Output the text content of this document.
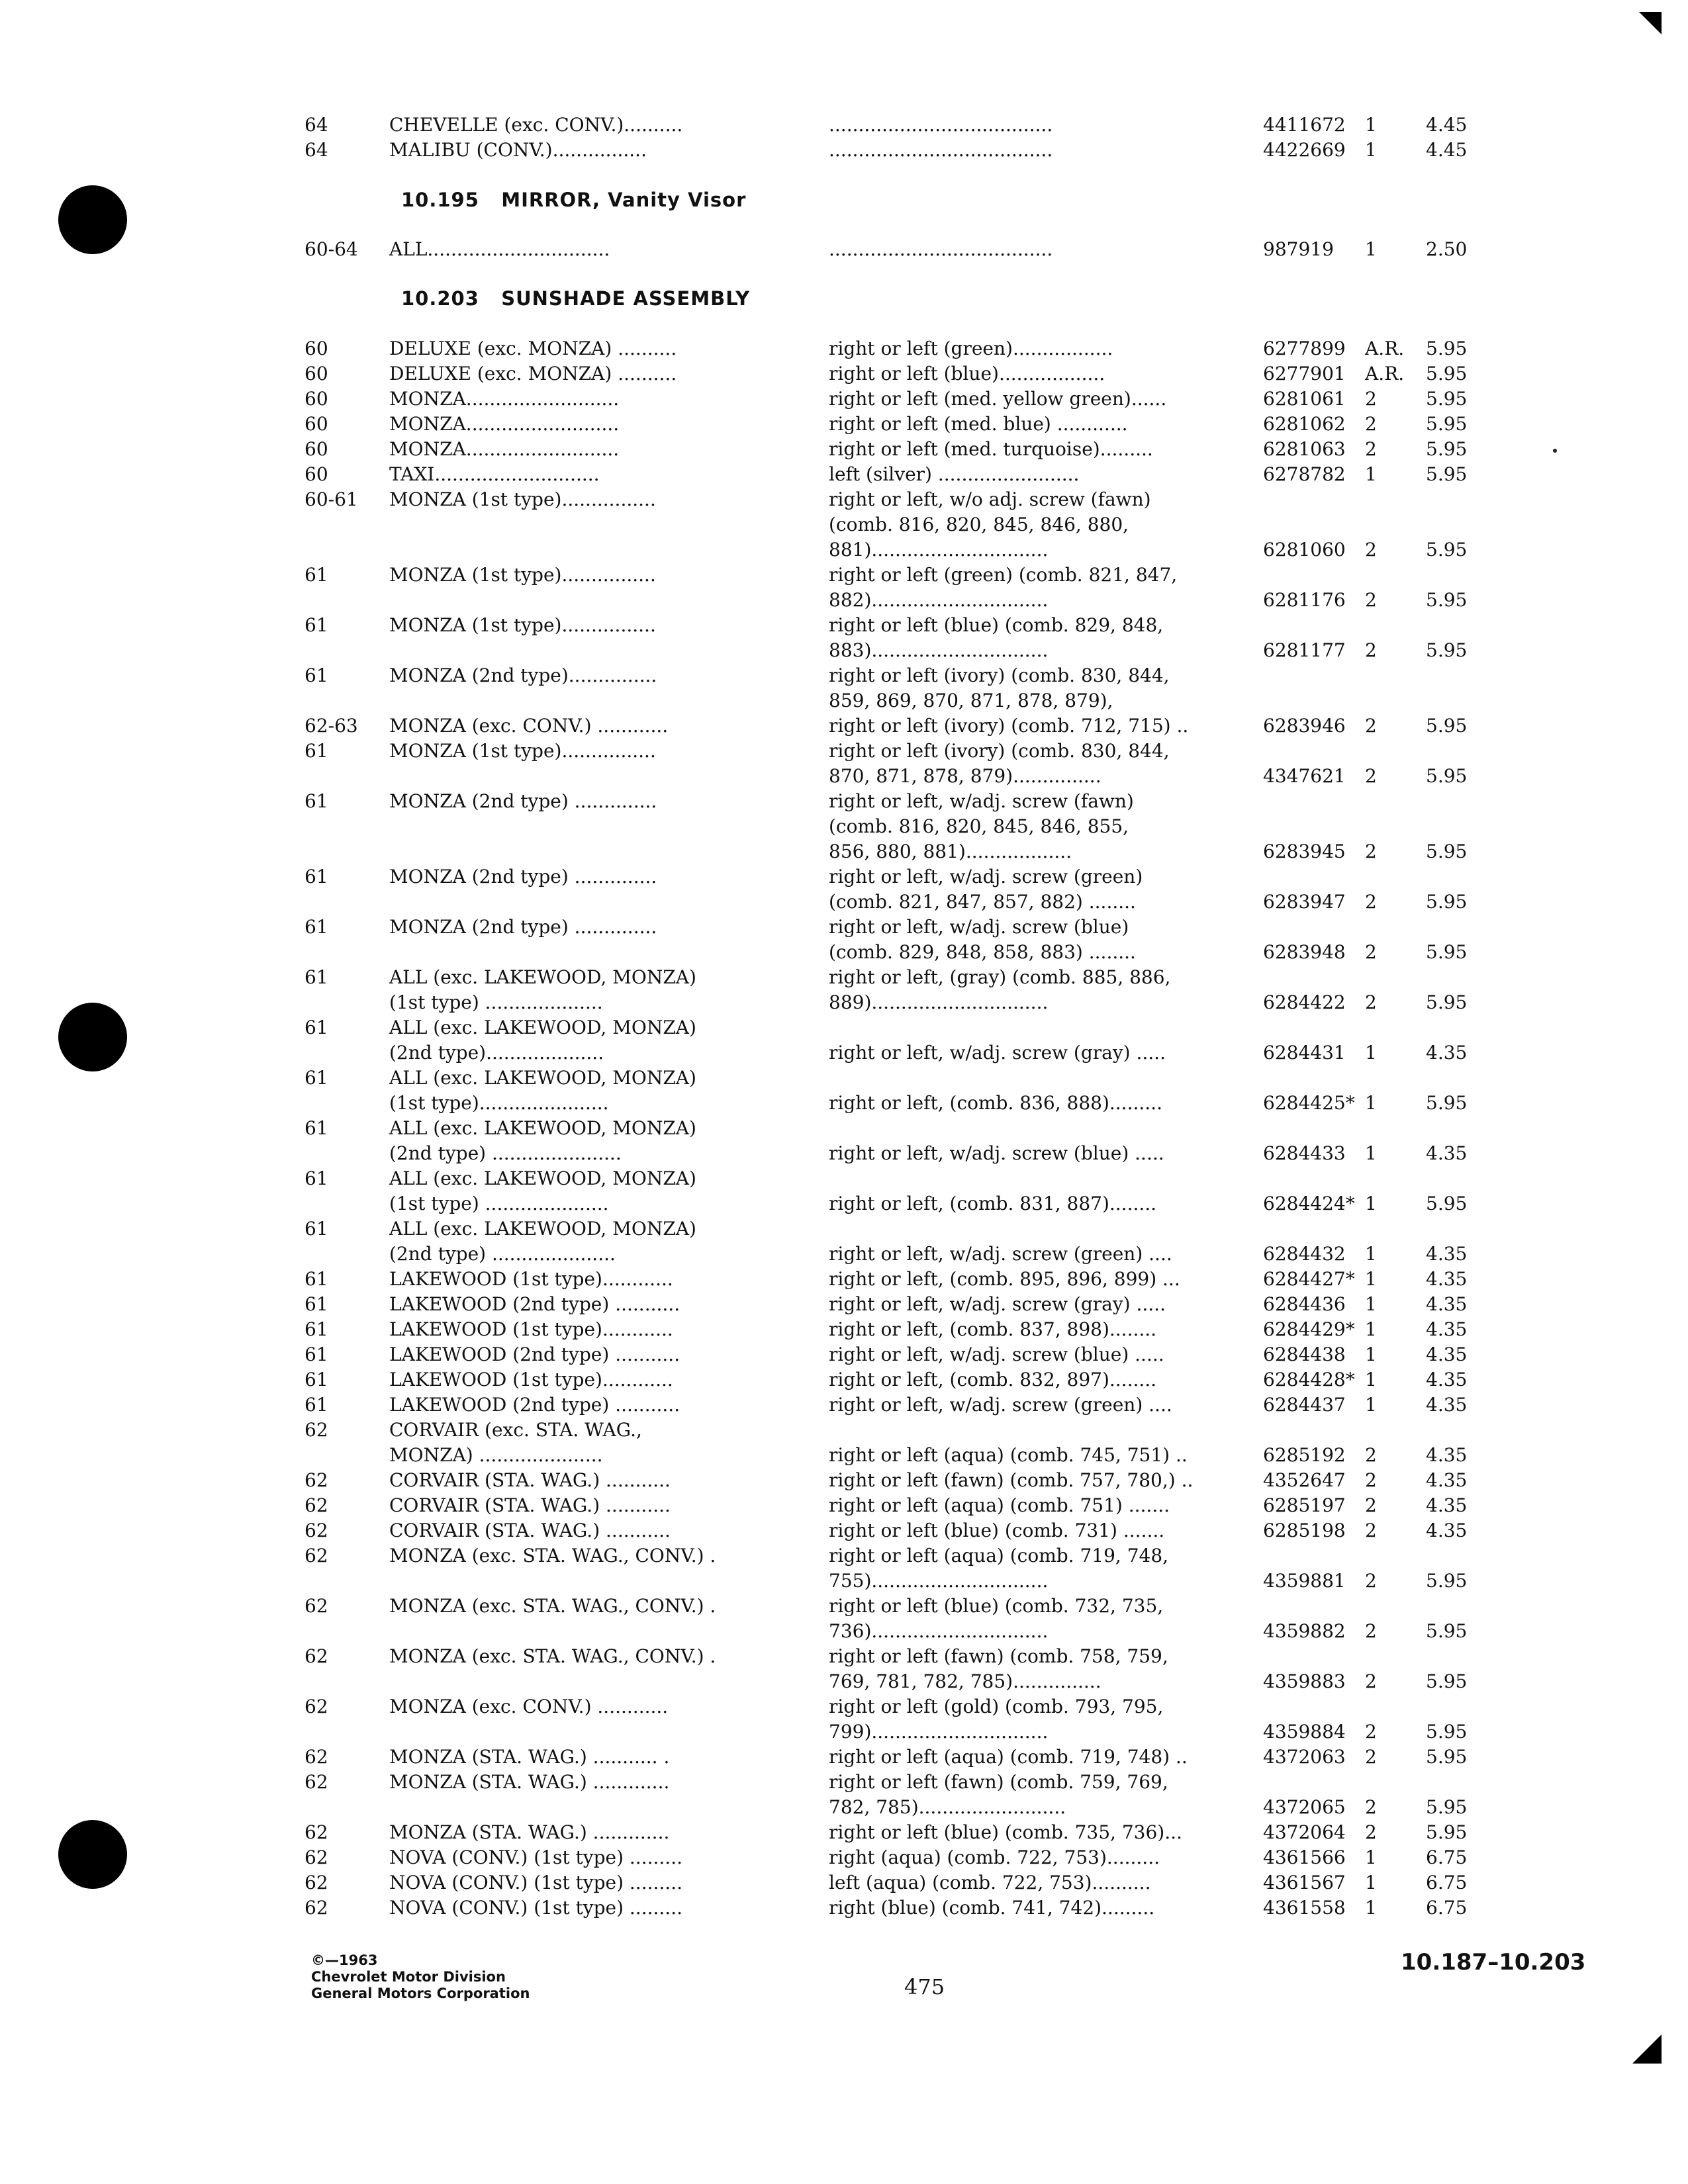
10.195 MIRROR, Vanity Visor
10.203 SUNSHADE ASSEMBLY
64	CHEVELLE (exc. CONV.)..........	......................................	4411672 1	4.45
64	MALIBU (CONV.)................	......................................	4422669 1	4.45
60-64 ALL...............................	......................................	987919 1	2.50
60	DELUXE (exc. MONZA) ..........	right or left (green).................	6277899 A.R. 5.95
60	DELUXE (exc. MONZA) ..........	right or left (blue)..................	6277901 A.R. 5.95
60	MONZA..........................	right or left (med. yellow green)......	6281061 2	5.95
60	MONZA..........................	right or left (med. blue) ............	6281062 2	5.95
60	MONZA..........................	right or left (med. turquoise).........	6281063 2	5.95
60	TAXI............................	left (silver) ........................	6278782 1	5.95
60-61 MONZA (1st type)................	right or left, w/o adj. screw (fawn)
(comb. 816, 820, 845, 846, 880,
881)..............................	6281060 2	5.95
61	MONZA (1st type)................	right or left (green) (comb. 821, 847,
882)..............................	6281176 2	5.95
61	MONZA (1st type)................	right or left (blue) (comb. 829, 848,
883)..............................	6281177 2	5.95
61	MONZA (2nd type)...............	right or left (ivory) (comb. 830, 844,
859, 869, 870, 871, 878, 879),
62-63 MONZA (exc. CONV.) ............	right or left (ivory) (comb. 712, 715) ..	6283946 2	5.95
61	MONZA (1st type)................	right or left (ivory) (comb. 830, 844,
870, 871, 878, 879)...............	4347621 2	5.95
61	MONZA (2nd type) ..............	right or left, w/adj. screw (fawn)
(comb. 816, 820, 845, 846, 855,
856, 880, 881)..................	6283945 2	5.95
61	MONZA (2nd type) ..............	right or left, w/adj. screw (green)
(comb. 821, 847, 857, 882) ........	6283947 2	5.95
61	MONZA (2nd type) ..............	right or left, w/adj. screw (blue)
(comb. 829, 848, 858, 883) ........	6283948 2	5.95
61	ALL (exc. LAKEWOOD, MONZA)	right or left, (gray) (comb. 885, 886,
(1st type) ....................	889)..............................	6284422 2	5.95
61	ALL (exc. LAKEWOOD, MONZA)
(2nd type)....................	right or left, w/adj. screw (gray) .....	6284431 1	4.35
61	ALL (exc. LAKEWOOD, MONZA)
(1st type)......................	right or left, (comb. 836, 888).........	6284425* 1	5.95
61	ALL (exc. LAKEWOOD, MONZA)
(2nd type) ......................	right or left, w/adj. screw (blue) .....	6284433 1	4.35
61	ALL (exc. LAKEWOOD, MONZA)
(1st type) .....................	right or left, (comb. 831, 887)........	6284424* 1	5.95
61	ALL (exc. LAKEWOOD, MONZA)
(2nd type) .....................	right or left, w/adj. screw (green) ....	6284432 1	4.35
61	LAKEWOOD (1st type)............	right or left, (comb. 895, 896, 899) ...	6284427* 1	4.35
61	LAKEWOOD (2nd type) ...........	right or left, w/adj. screw (gray) .....	6284436 1	4.35
61	LAKEWOOD (1st type)............	right or left, (comb. 837, 898)........	6284429* 1	4.35
61	LAKEWOOD (2nd type) ...........	right or left, w/adj. screw (blue) .....	6284438 1	4.35
61	LAKEWOOD (1st type)............	right or left, (comb. 832, 897)........	6284428* 1	4.35
61	LAKEWOOD (2nd type) ...........	right or left, w/adj. screw (green) ....	6284437 1	4.35
62	CORVAIR (exc. STA. WAG.,
MONZA) .....................	right or left (aqua) (comb. 745, 751) ..	6285192 2	4.35
62	CORVAIR (STA. WAG.) ...........	right or left (fawn) (comb. 757, 780,) ..	4352647 2	4.35
62	CORVAIR (STA. WAG.) ...........	right or left (aqua) (comb. 751) .......	6285197 2	4.35
62	CORVAIR (STA. WAG.) ...........	right or left (blue) (comb. 731) .......	6285198 2	4.35
62	MONZA (exc. STA. WAG., CONV.) .	right or left (aqua) (comb. 719, 748,
755)..............................	4359881 2	5.95
62	MONZA (exc. STA. WAG., CONV.) .	right or left (blue) (comb. 732, 735,
736)..............................	4359882 2	5.95
62	MONZA (exc. STA. WAG., CONV.) .	right or left (fawn) (comb. 758, 759,
769, 781, 782, 785)...............	4359883 2	5.95
62	MONZA (exc. CONV.) ............	right or left (gold) (comb. 793, 795,
799)..............................	4359884 2	5.95
62	MONZA (STA. WAG.) ........... .	right or left (aqua) (comb. 719, 748) ..	4372063 2	5.95
62	MONZA (STA. WAG.) .............	right or left (fawn) (comb. 759, 769,
782, 785).........................	4372065 2	5.95
62	MONZA (STA. WAG.) .............	right or left (blue) (comb. 735, 736)...	4372064 2	5.95
62	NOVA (CONV.) (1st type) .........	right (aqua) (comb. 722, 753).........	4361566 1	6.75
62	NOVA (CONV.) (1st type) .........	left (aqua) (comb. 722, 753)..........	4361567 1	6.75
62	NOVA (CONV.) (1st type) .........	right (blue) (comb. 741, 742).........	4361558 1	6.75
©—1963
Chevrolet Motor Division
General Motors Corporation	475
10.187–10.203
